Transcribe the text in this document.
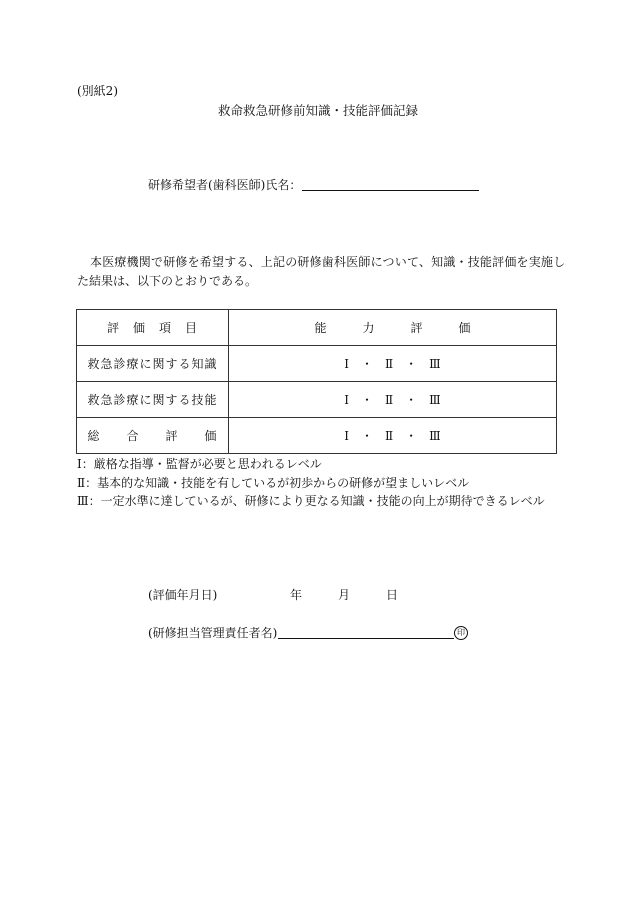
(別紙2)
救命救急研修前知識・技能評価記録
研修希望者(歯科医師)氏名：
本医療機関で研修を希望する、上記の研修歯科医師について、知識・技能評価を実施し
た結果は、以下のとおりである。
評　価　項　目	能　　　力　　　評　　　価
救急診療に関する知識	Ⅰ　・　Ⅱ　・　Ⅲ
救急診療に関する技能	Ⅰ　・　Ⅱ　・　Ⅲ
総　　合　　評　　価	Ⅰ　・　Ⅱ　・　Ⅲ
Ⅰ：厳格な指導・監督が必要と思われるレベル
Ⅱ：基本的な知識・技能を有しているが初歩からの研修が望ましいレベル
Ⅲ：一定水準に達しているが、研修により更なる知識・技能の向上が期待できるレベル
(評価年月日)	年	月	日
(研修担当管理責任者名)	印
